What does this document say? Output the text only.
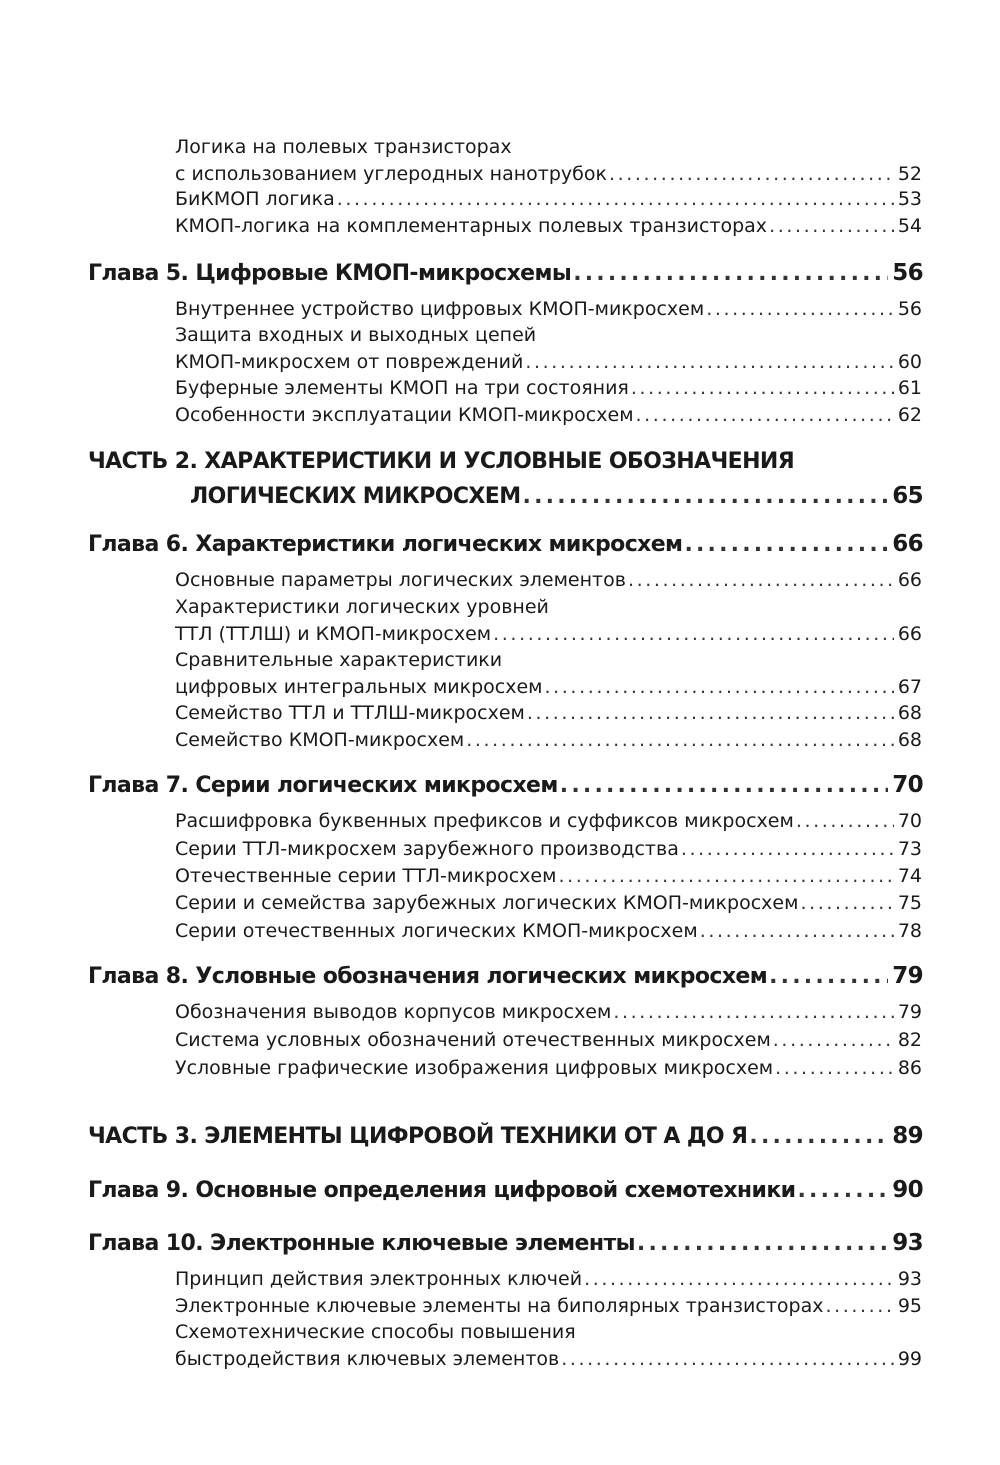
Логика на полевых транзисторах
с использованием углеродных нанотрубок .....	52
БиКМОП логика .....	53
КМОП-логика на комплементарных полевых транзисторах .....	54
Глава 5. Цифровые КМОП-микросхемы .....	56
Внутреннее устройство цифровых КМОП-микросхем .....	56
Защита входных и выходных цепей
КМОП-микросхем от повреждений .....	60
Буферные элементы КМОП на три состояния .....	61
Особенности эксплуатации КМОП-микросхем .....	62
ЧАСТЬ 2. ХАРАКТЕРИСТИКИ И УСЛОВНЫЕ ОБОЗНАЧЕНИЯ
ЛОГИЧЕСКИХ МИКРОСХЕМ .....	65
Глава 6. Характеристики логических микросхем .....	66
Основные параметры логических элементов .....	66
Характеристики логических уровней
ТТЛ (ТТЛШ) и КМОП-микросхем .....	66
Сравнительные характеристики
цифровых интегральных микросхем .....	67
Семейство ТТЛ и ТТЛШ-микросхем .....	68
Семейство КМОП-микросхем .....	68
Глава 7. Серии логических микросхем .....	70
Расшифровка буквенных префиксов и суффиксов микросхем .....	70
Серии ТТЛ-микросхем зарубежного производства .....	73
Отечественные серии ТТЛ-микросхем .....	74
Серии и семейства зарубежных логических КМОП-микросхем .....	75
Серии отечественных логических КМОП-микросхем .....	78
Глава 8. Условные обозначения логических микросхем .....	79
Обозначения выводов корпусов микросхем .....	79
Система условных обозначений отечественных микросхем .....	82
Условные графические изображения цифровых микросхем .....	86
ЧАСТЬ 3. ЭЛЕМЕНТЫ ЦИФРОВОЙ ТЕХНИКИ ОТ А ДО Я .....	89
Глава 9. Основные определения цифровой схемотехники .....	90
Глава 10. Электронные ключевые элементы .....	93
Принцип действия электронных ключей .....	93
Электронные ключевые элементы на биполярных транзисторах .....	95
Схемотехнические способы повышения
быстродействия ключевых элементов .....	99
